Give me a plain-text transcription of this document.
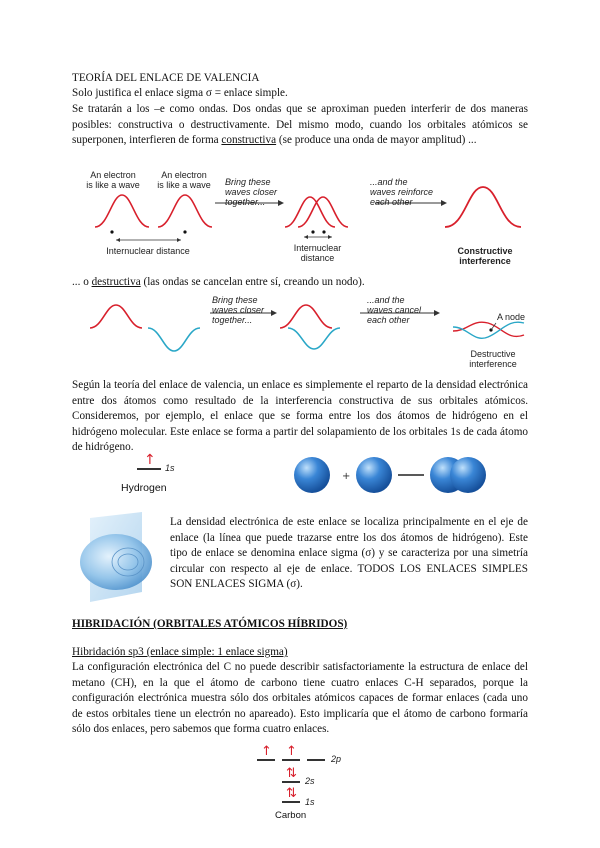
TEORÍA DEL ENLACE DE VALENCIA
Solo justifica el enlace sigma σ = enlace simple.
Se tratarán a los –e como ondas. Dos ondas que se aproximan pueden interferir de dos maneras posibles: constructiva o destructivamente. Del mismo modo, cuando los orbitales atómicos se superponen, interfieren de forma constructiva (se produce una onda de mayor amplitud) ...
An electron
is like a wave
An electron
is like a wave	Bring these
waves closer
together...
...and the
waves reinforce
each other
Internuclear distance	Internuclear
distance
Constructive
interference
... o destructiva (las ondas se cancelan entre sí, creando un nodo).
Bring these
waves closer
together...
...and the
waves cancel
each other	A node
Destructive
interference
Según la teoría del enlace de valencia, un enlace es simplemente el reparto de la densidad electrónica entre dos átomos como resultado de la interferencia constructiva de sus orbitales atómicos. Consideremos, por ejemplo, el enlace que se forma entre los dos átomos de hidrógeno en el hidrógeno molecular. Este enlace se forma a partir del solapamiento de los orbitales 1s de cada átomo de hidrógeno.
↑ 1s
Hydrogen
+
La densidad electrónica de este enlace se localiza principalmente en el eje de enlace (la línea que puede trazarse entre los dos átomos de hidrógeno). Este tipo de enlace se denomina enlace sigma (σ) y se caracteriza por una simetría circular con respecto al eje de enlace. TODOS LOS ENLACES SIMPLES SON ENLACES SIGMA (σ).
HIBRIDACIÓN (ORBITALES ATÓMICOS HÍBRIDOS)
Hibridación sp3 (enlace simple: 1 enlace sigma)
La configuración electrónica del C no puede describir satisfactoriamente la estructura de enlace del metano (CH), en la que el átomo de carbono tiene cuatro enlaces C-H separados, porque la configuración electrónica muestra sólo dos orbitales atómicos capaces de formar enlaces (cada uno de estos orbitales tiene un electrón no apareado). Esto implicaría que el átomo de carbono formaría sólo dos enlaces, pero sabemos que forma cuatro enlaces.
↑ ↑	2p
⇅ 2s
⇅
1s
Carbon
